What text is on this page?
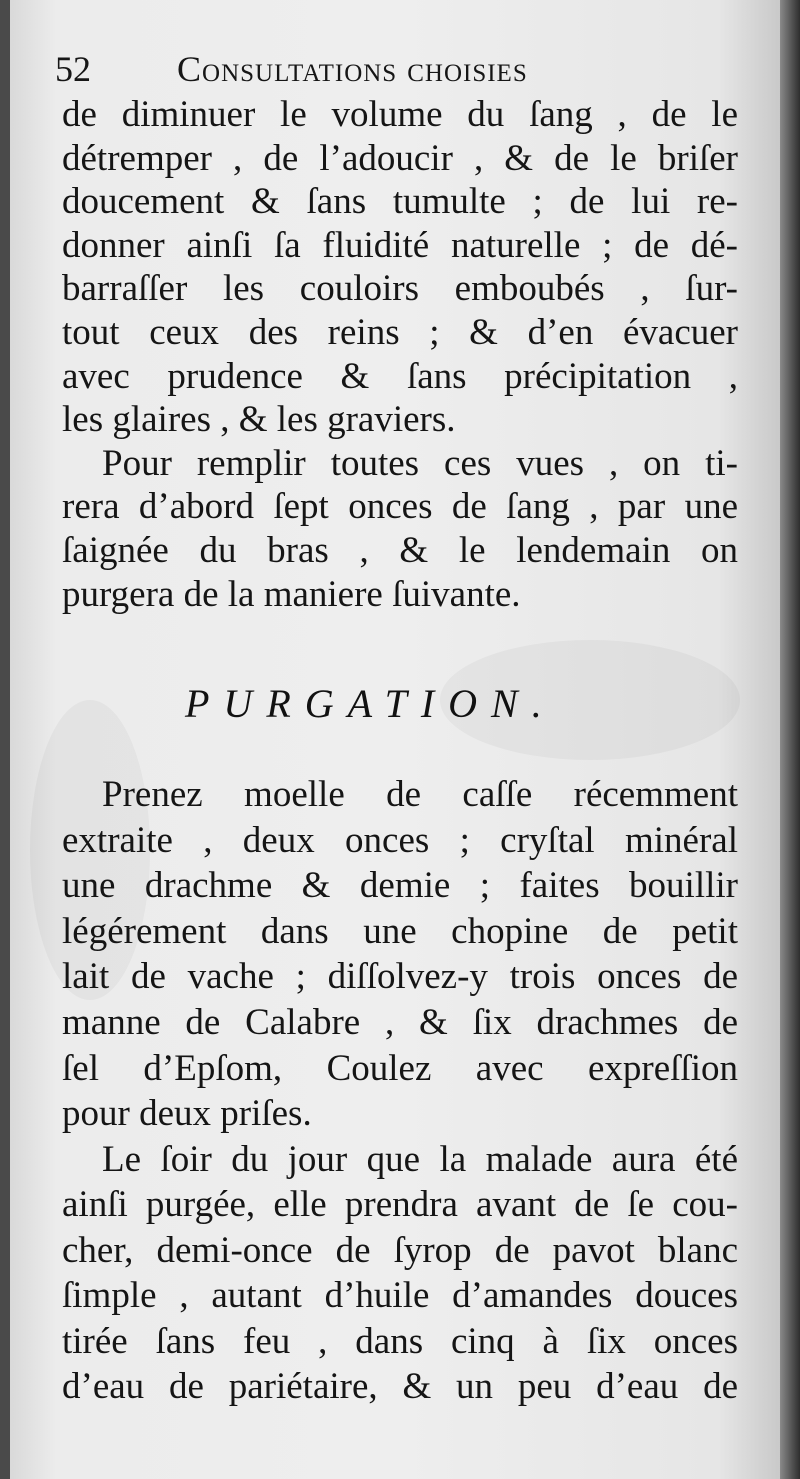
52 Consultations choisies
de diminuer le volume du ſang , de le
détremper , de l’adoucir , & de le briſer
doucement & ſans tumulte ; de lui re-
donner ainſi ſa fluidité naturelle ; de dé-
barraſſer les couloirs emboubés , ſur-
tout ceux des reins ; & d’en évacuer
avec prudence & ſans précipitation ,
les glaires , & les graviers.
Pour remplir toutes ces vues , on ti-
rera d’abord ſept onces de ſang , par une
ſaignée du bras , & le lendemain on
purgera de la maniere ſuivante.
PURGATION.
Prenez moelle de caſſe récemment
extraite , deux onces ; cryſtal minéral
une drachme & demie ; faites bouillir
légérement dans une chopine de petit
lait de vache ; diſſolvez-y trois onces de
manne de Calabre , & ſix drachmes de
ſel d’Epſom, Coulez avec expreſſion
pour deux priſes.
Le ſoir du jour que la malade aura été
ainſi purgée, elle prendra avant de ſe cou-
cher, demi-once de ſyrop de pavot blanc
ſimple , autant d’huile d’amandes douces
tirée ſans feu , dans cinq à ſix onces
d’eau de pariétaire, & un peu d’eau de
